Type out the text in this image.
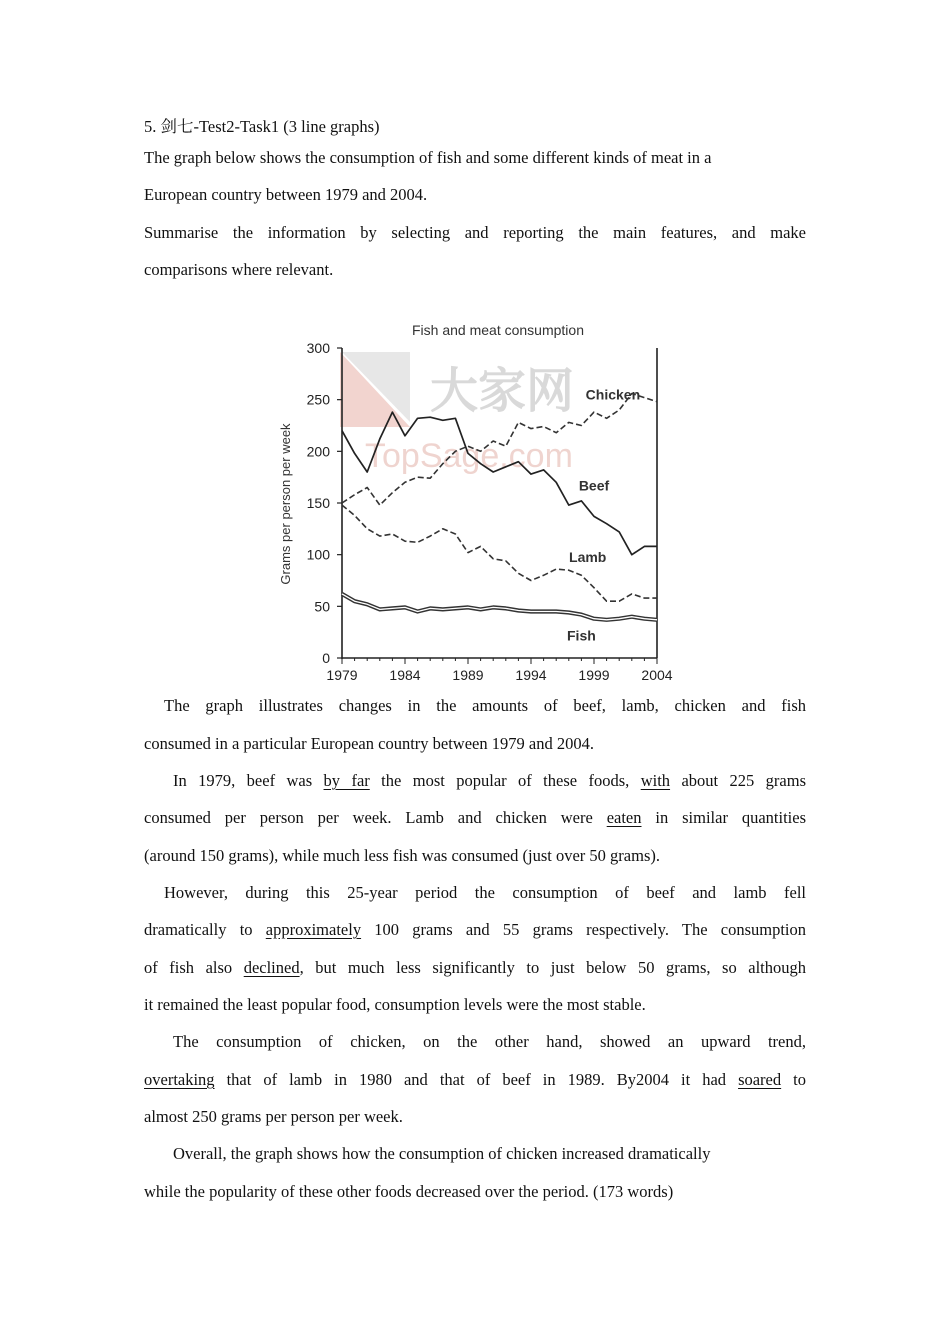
5. 剑七-Test2-Task1 (3 line graphs)
The graph below shows the consumption of fish and some different kinds of meat in a
European country between 1979 and 2004.
Summarise the information by selecting and reporting the main features, and make
comparisons where relevant.
大家网
TopSage.com
Fish and meat consumption
Grams per person per week
0
50
100
150
200
250
300
1979 1984 1989 1994 1999 2004
Chicken
Beef
Lamb
Fish
The graph illustrates changes in the amounts of beef, lamb, chicken and fish
consumed in a particular European country between 1979 and 2004.
In 1979, beef was by far the most popular of these foods, with about 225 grams
consumed per person per week. Lamb and chicken were eaten in similar quantities
(around 150 grams), while much less fish was consumed (just over 50 grams).
However, during this 25-year period the consumption of beef and lamb fell
dramatically to approximately 100 grams and 55 grams respectively. The consumption
of fish also declined, but much less significantly to just below 50 grams, so although
it remained the least popular food, consumption levels were the most stable.
The consumption of chicken, on the other hand, showed an upward trend,
overtaking that of lamb in 1980 and that of beef in 1989. By2004 it had soared to
almost 250 grams per person per week.
Overall, the graph shows how the consumption of chicken increased dramatically
while the popularity of these other foods decreased over the period. (173 words)
